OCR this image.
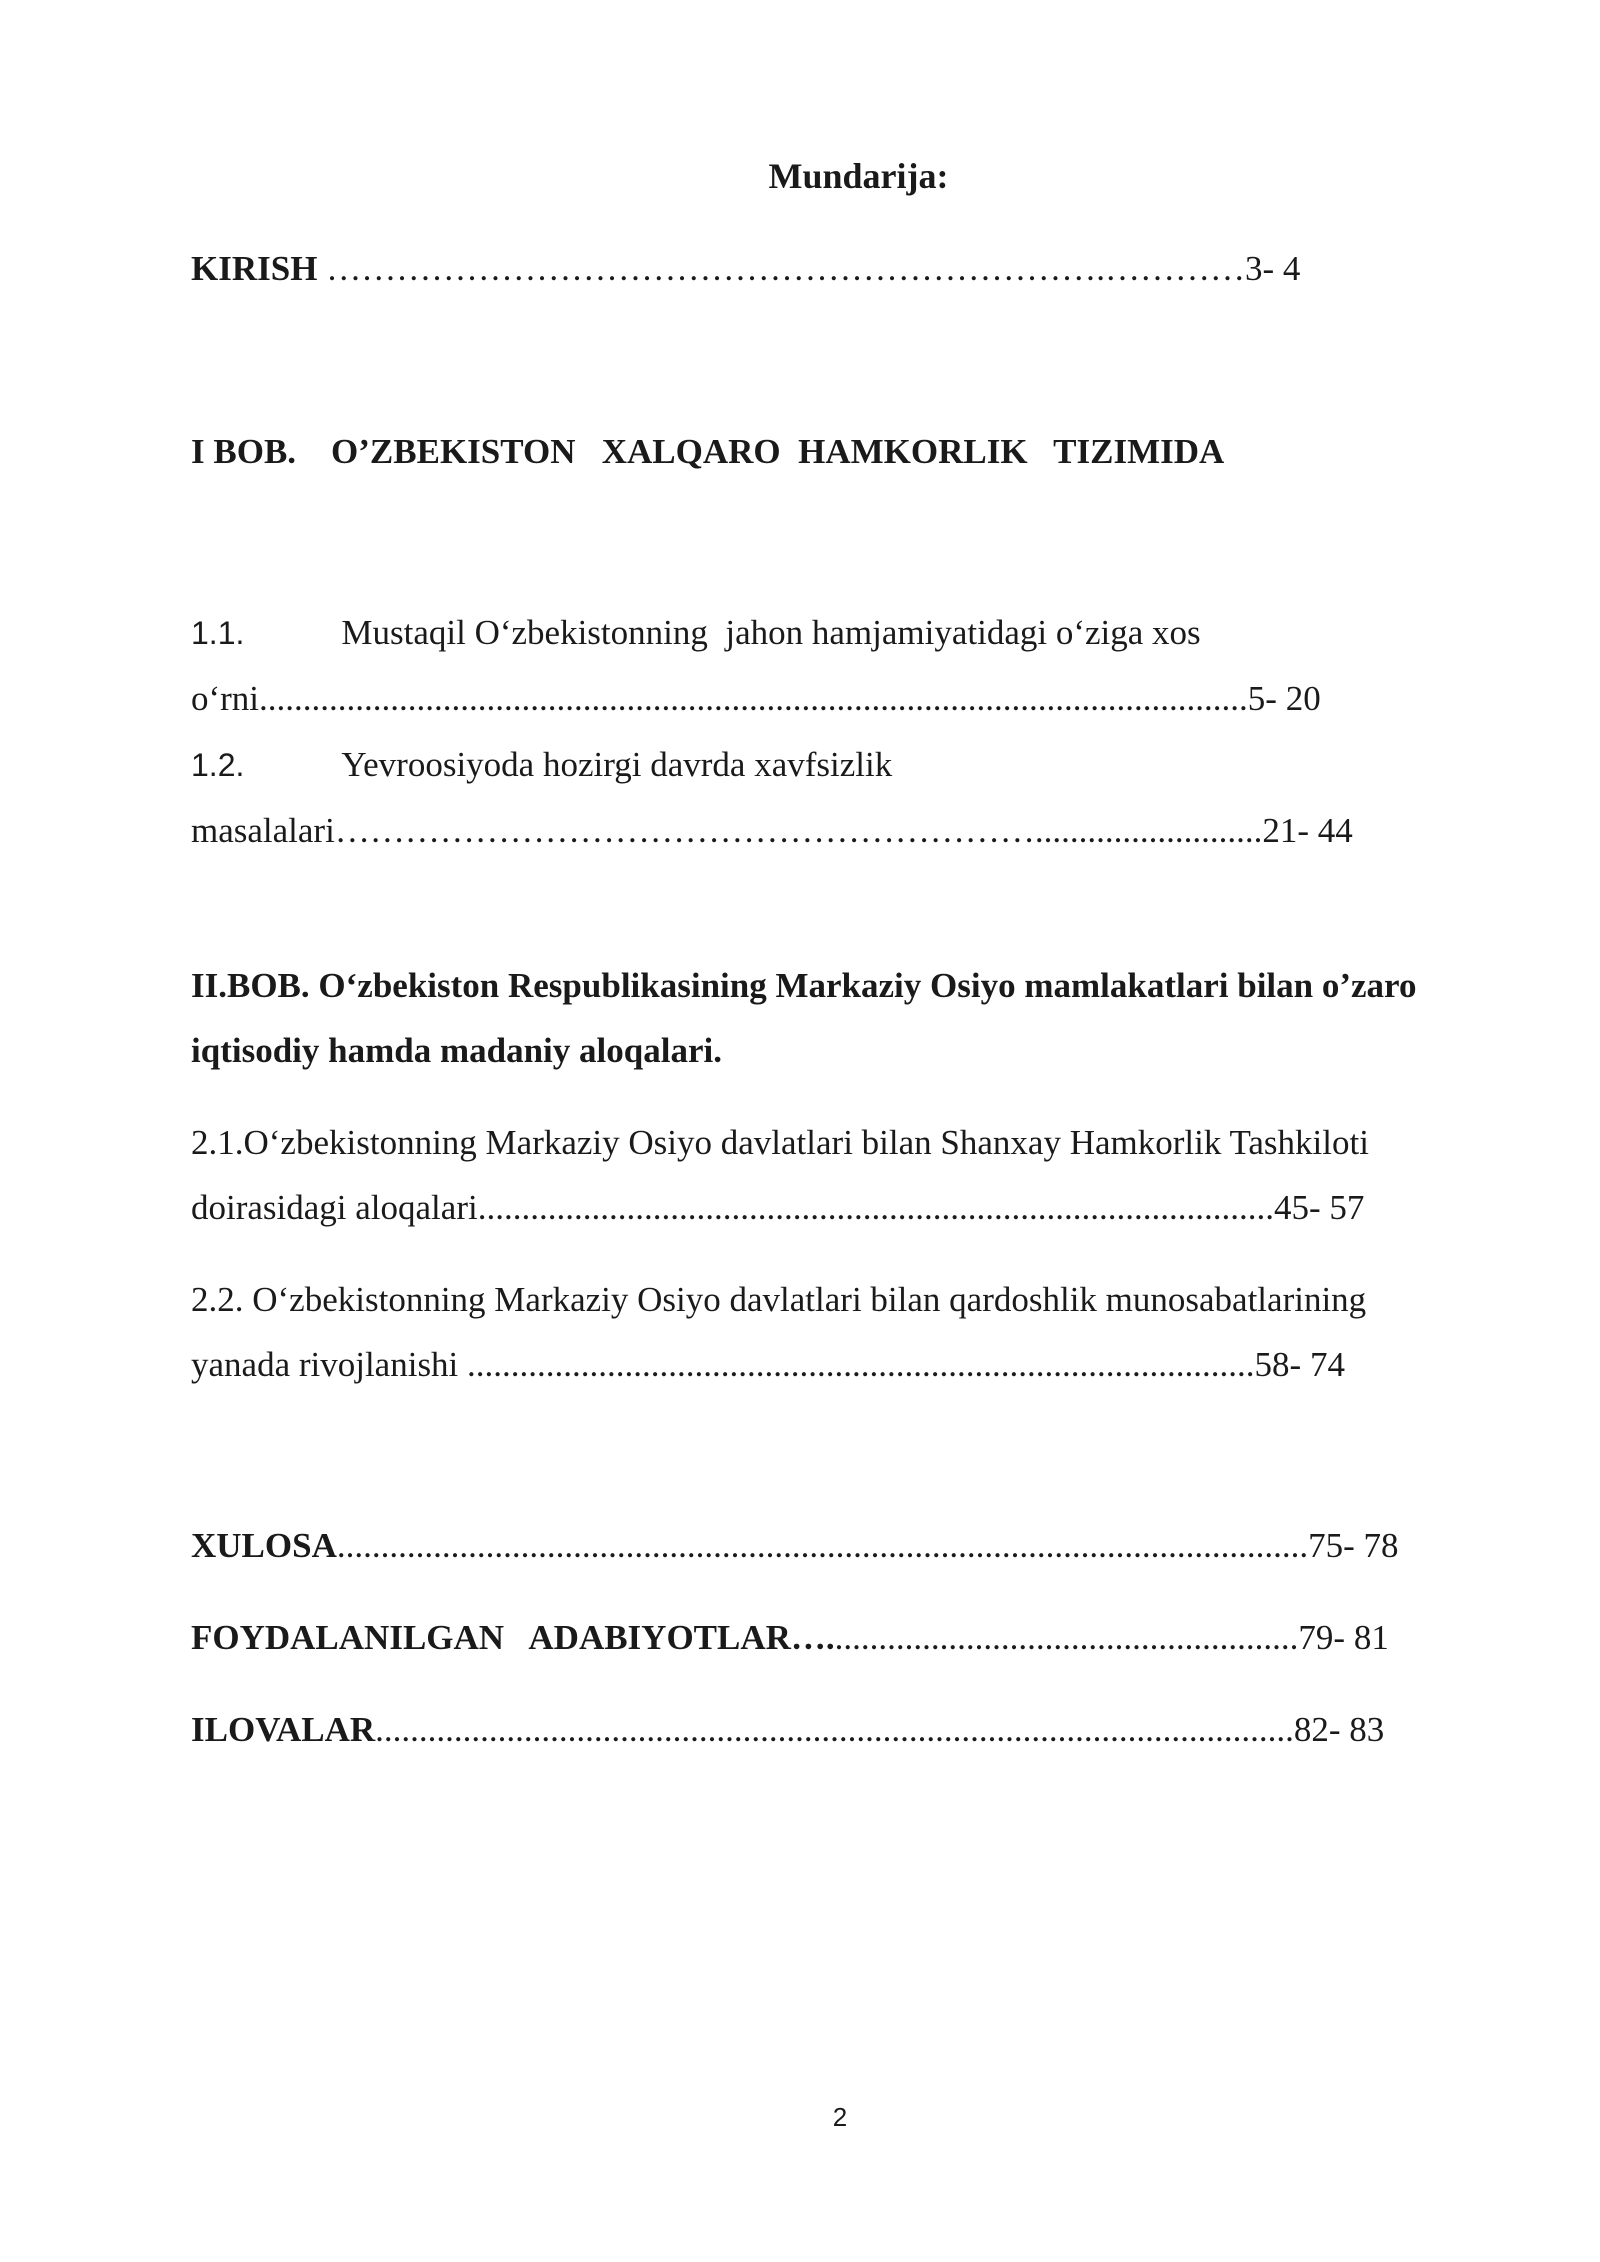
Mundarija:
KIRISH ………………………………………………………….…………3- 4
I BOB.    O’ZBEKISTON   XALQARO  HAMKORLIK   TIZIMIDA
1.1.	Mustaqil O‘zbekistonning  jahon hamjamiyatidagi o‘ziga xos
o‘rni.................................................................................................................5- 20
1.2.	Yevroosiyoda hozirgi davrda xavfsizlik
masalalari……………………………………………………..........................21- 44
II.BOB. O‘zbekiston Respublikasining Markaziy Osiyo mamlakatlari bilan o’zaro
iqtisodiy hamda madaniy aloqalari.
2.1.O‘zbekistonning Markaziy Osiyo davlatlari bilan Shanxay Hamkorlik Tashkiloti
doirasidagi aloqalari...........................................................................................45- 57
2.2. O‘zbekistonning Markaziy Osiyo davlatlari bilan qardoshlik munosabatlarining
yanada rivojlanishi ..........................................................................................58- 74
XULOSA...............................................................................................................75- 78
FOYDALANILGAN   ADABIYOTLAR…......................................................79- 81
ILOVALAR.........................................................................................................82- 83
2
